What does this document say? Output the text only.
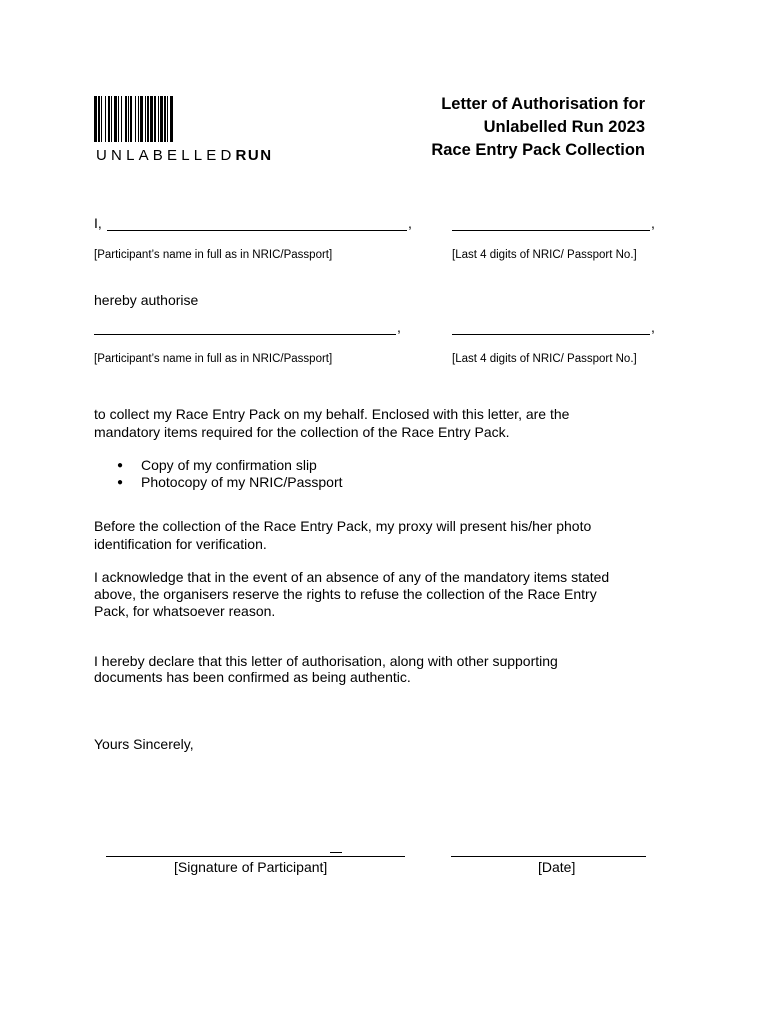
UNLABELLEDRUN
Letter of Authorisation for
Unlabelled Run 2023
Race Entry Pack Collection
I,	,	,
[Participant’s name in full as in NRIC/Passport]	[Last 4 digits of NRIC/ Passport No.]
hereby authorise
,	,
[Participant’s name in full as in NRIC/Passport]	[Last 4 digits of NRIC/ Passport No.]
to collect my Race Entry Pack on my behalf. Enclosed with this letter, are the
mandatory items required for the collection of the Race Entry Pack.
● Copy of my confirmation slip
● Photocopy of my NRIC/Passport
Before the collection of the Race Entry Pack, my proxy will present his/her photo
identification for verification.
I acknowledge that in the event of an absence of any of the mandatory items stated
above, the organisers reserve the rights to refuse the collection of the Race Entry
Pack, for whatsoever reason.
I hereby declare that this letter of authorisation, along with other supporting
documents has been confirmed as being authentic.
Yours Sincerely,
[Signature of Participant]	[Date]
